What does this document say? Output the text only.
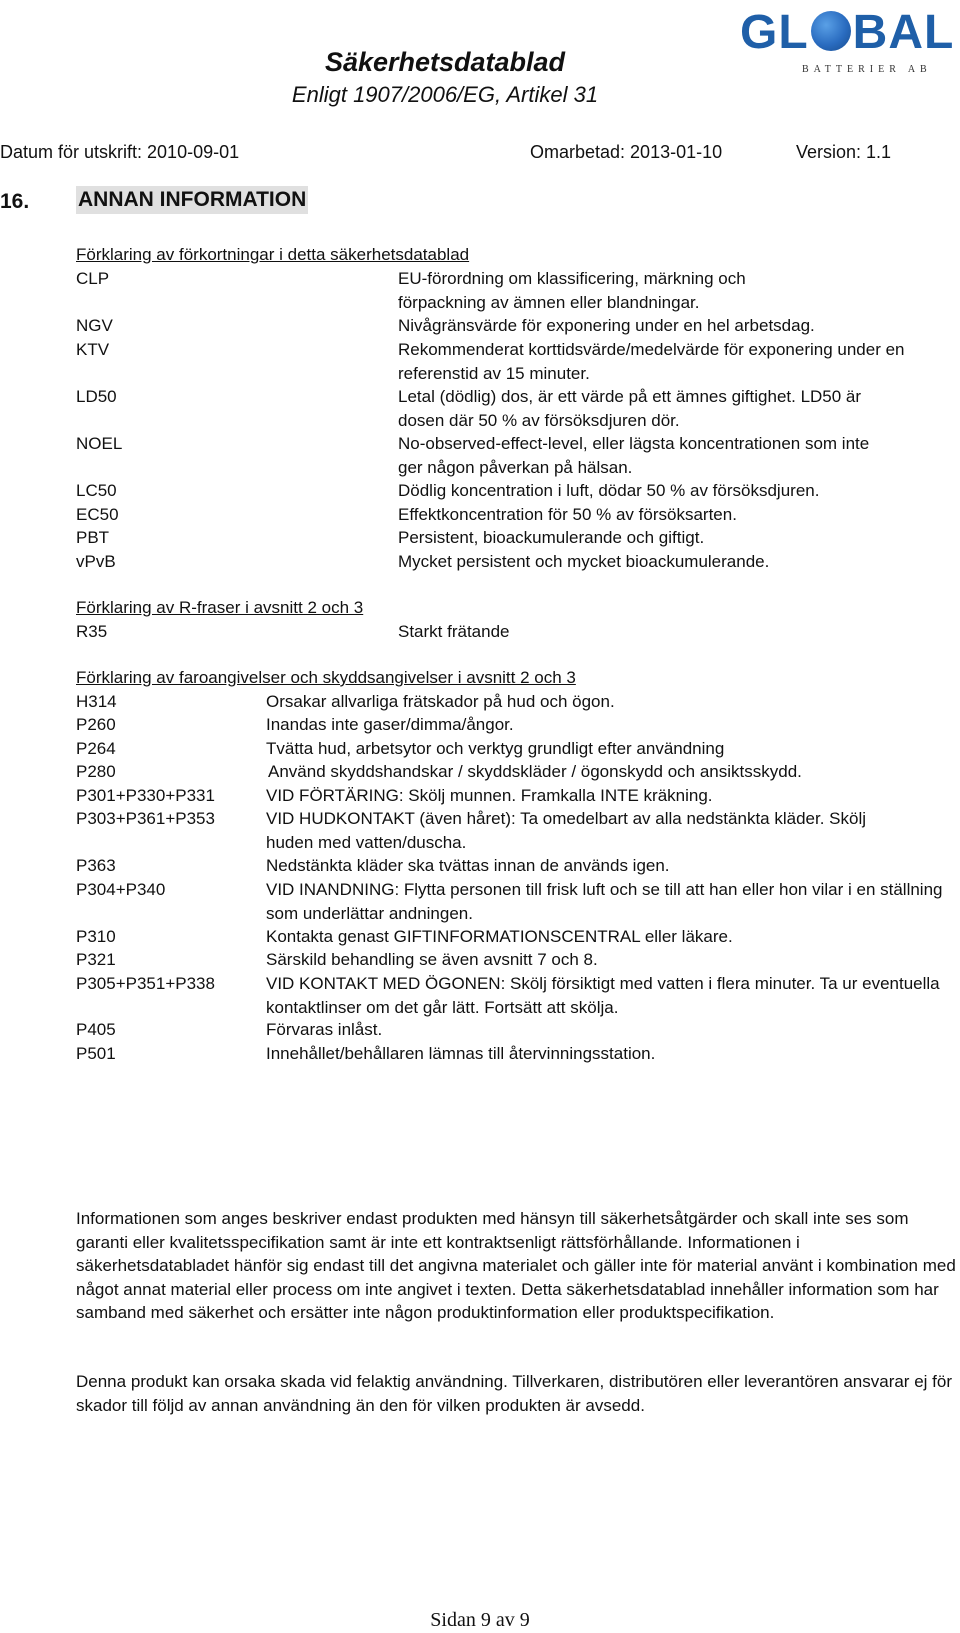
Säkerhetsdatablad
Enligt 1907/2006/EG, Artikel 31
GL BAL
BATTERIER AB
Datum för utskrift: 2010-09-01	Omarbetad: 2013-01-10	Version: 1.1
16. ANNAN INFORMATION
Förklaring av förkortningar i detta säkerhetsdatablad
CLP	EU-förordning om klassificering, märkning och förpackning av ämnen eller blandningar.
NGV	Nivågränsvärde för exponering under en hel arbetsdag.
KTV	Rekommenderat korttidsvärde/medelvärde för exponering under en referenstid av 15 minuter.
LD50	Letal (dödlig) dos, är ett värde på ett ämnes giftighet. LD50 är dosen där 50 % av försöksdjuren dör.
NOEL	No-observed-effect-level, eller lägsta koncentrationen som inte ger någon påverkan på hälsan.
LC50	Dödlig koncentration i luft, dödar 50 % av försöksdjuren.
EC50	Effektkoncentration för 50 % av försöksarten.
PBT	Persistent, bioackumulerande och giftigt.
vPvB	Mycket persistent och mycket bioackumulerande.
Förklaring av R-fraser i avsnitt 2 och 3
R35	Starkt frätande
Förklaring av faroangivelser och skyddsangivelser i avsnitt 2 och 3
H314	Orsakar allvarliga frätskador på hud och ögon.
P260	Inandas inte gaser/dimma/ångor.
P264	Tvätta hud, arbetsytor och verktyg grundligt efter användning
P280	Använd skyddshandskar / skyddskläder / ögonskydd och ansiktsskydd.
P301+P330+P331	VID FÖRTÄRING: Skölj munnen. Framkalla INTE kräkning.
P303+P361+P353	VID HUDKONTAKT (även håret): Ta omedelbart av alla nedstänkta kläder. Skölj huden med vatten/duscha.
P363	Nedstänkta kläder ska tvättas innan de används igen.
P304+P340	VID INANDNING: Flytta personen till frisk luft och se till att han eller hon vilar i en ställning som underlättar andningen.
P310	Kontakta genast GIFTINFORMATIONSCENTRAL eller läkare.
P321	Särskild behandling se även avsnitt 7 och 8.
P305+P351+P338	VID KONTAKT MED ÖGONEN: Skölj försiktigt med vatten i flera minuter. Ta ur eventuella kontaktlinser om det går lätt. Fortsätt att skölja.
P405	Förvaras inlåst.
P501	Innehållet/behållaren lämnas till återvinningsstation.
Informationen som anges beskriver endast produkten med hänsyn till säkerhetsåtgärder och skall inte ses som garanti eller kvalitetsspecifikation samt är inte ett kontraktsenligt rättsförhållande. Informationen i säkerhetsdatabladet hänför sig endast till det angivna materialet och gäller inte för material använt i kombination med något annat material eller process om inte angivet i texten. Detta säkerhetsdatablad innehåller information som har samband med säkerhet och ersätter inte någon produktinformation eller produktspecifikation.
Denna produkt kan orsaka skada vid felaktig användning. Tillverkaren, distributören eller leverantören ansvarar ej för skador till följd av annan användning än den för vilken produkten är avsedd.
Sidan 9 av 9
